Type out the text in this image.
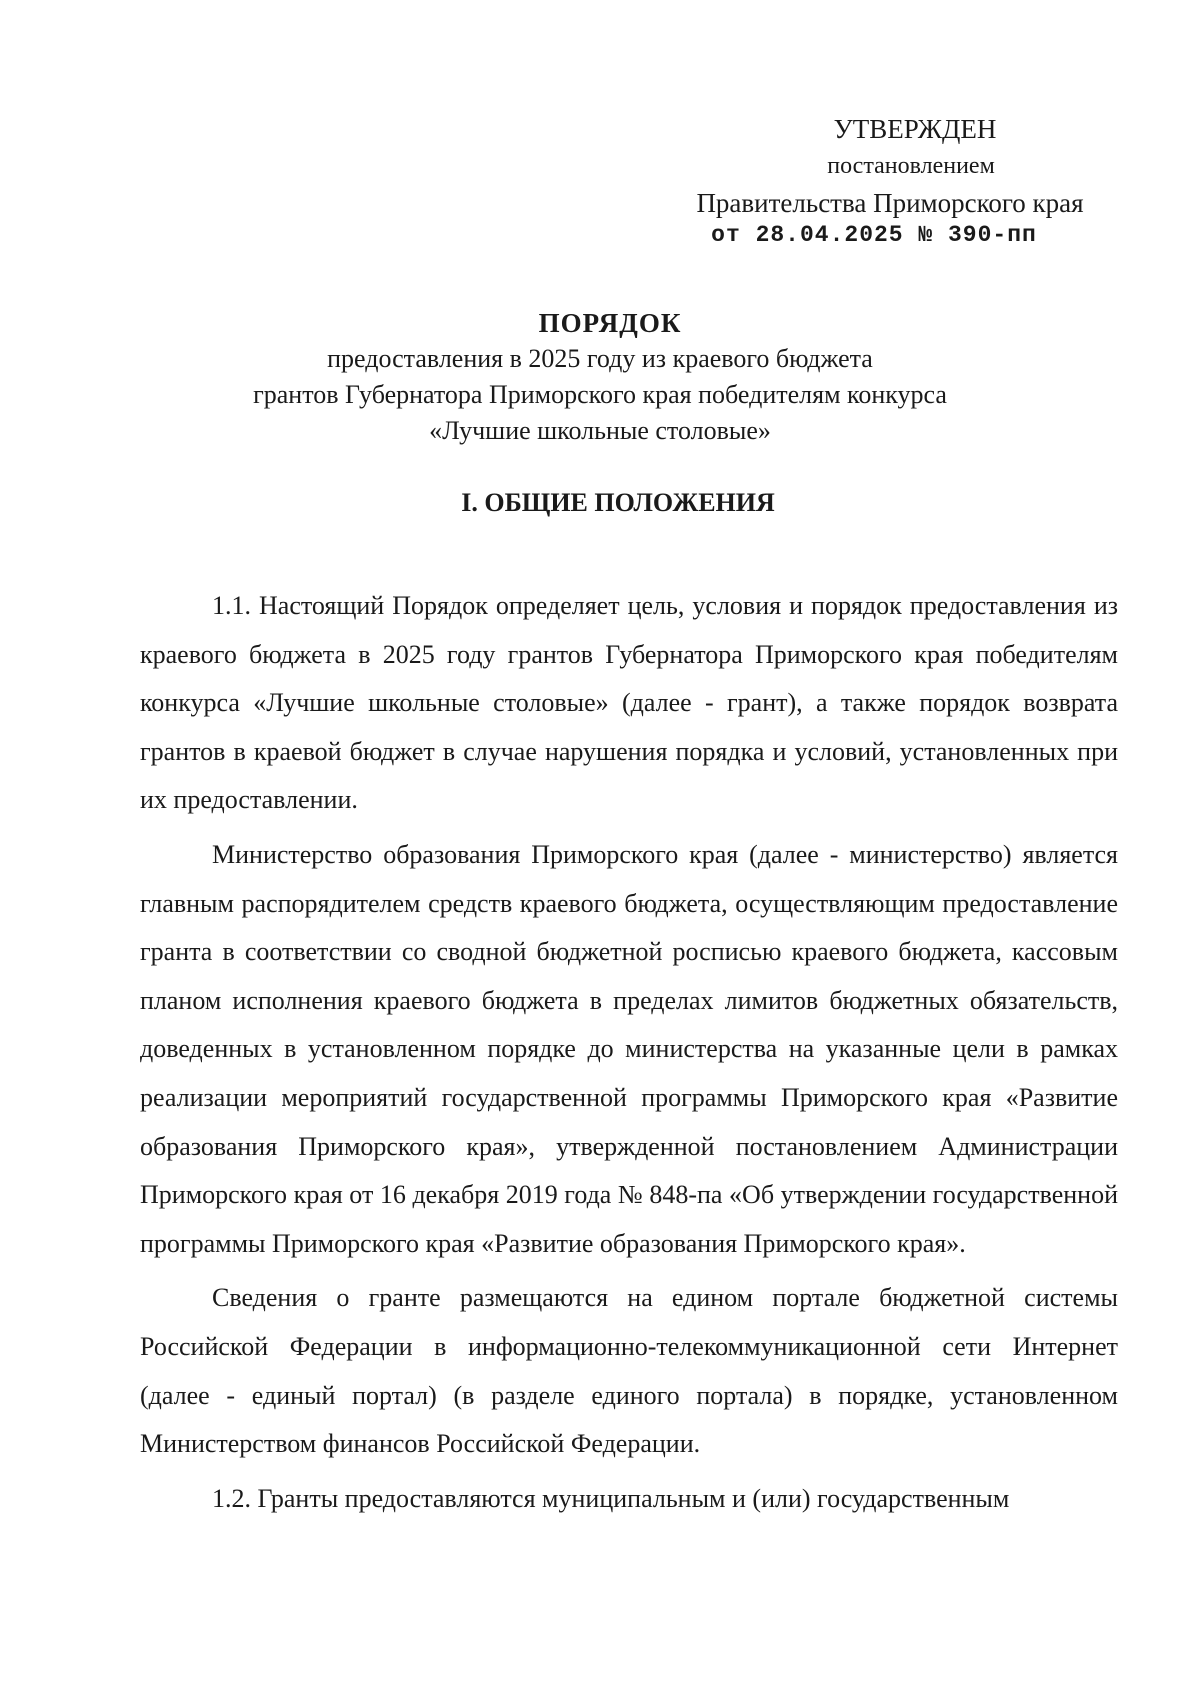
УТВЕРЖДЕН
постановлением
Правительства Приморского края
от 28.04.2025 № 390-пп
ПОРЯДОК
предоставления в 2025 году из краевого бюджета
грантов Губернатора Приморского края победителям конкурса
«Лучшие школьные столовые»
I. ОБЩИЕ ПОЛОЖЕНИЯ

1.1. Настоящий Порядок определяет цель, условия и порядок предоставления из краевого бюджета в 2025 году грантов Губернатора Приморского края победителям конкурса «Лучшие школьные столовые» (далее - грант), а также порядок возврата грантов в краевой бюджет в случае нарушения порядка и условий, установленных при их предоставлении.

Министерство образования Приморского края (далее - министерство) является главным распорядителем средств краевого бюджета, осуществляющим предоставление гранта в соответствии со сводной бюджетной росписью краевого бюджета, кассовым планом исполнения краевого бюджета в пределах лимитов бюджетных обязательств, доведенных в установленном порядке до министерства на указанные цели в рамках реализации мероприятий государственной программы Приморского края «Развитие образования Приморского края», утвержденной постановлением Администрации Приморского края от 16 декабря 2019 года № 848-па «Об утверждении государственной программы Приморского края «Развитие образования Приморского края».

Сведения о гранте размещаются на едином портале бюджетной системы Российской Федерации в информационно-телекоммуникационной сети Интернет (далее - единый портал) (в разделе единого портала) в порядке, установленном Министерством финансов Российской Федерации.

1.2. Гранты предоставляются муниципальным и (или) государственным
